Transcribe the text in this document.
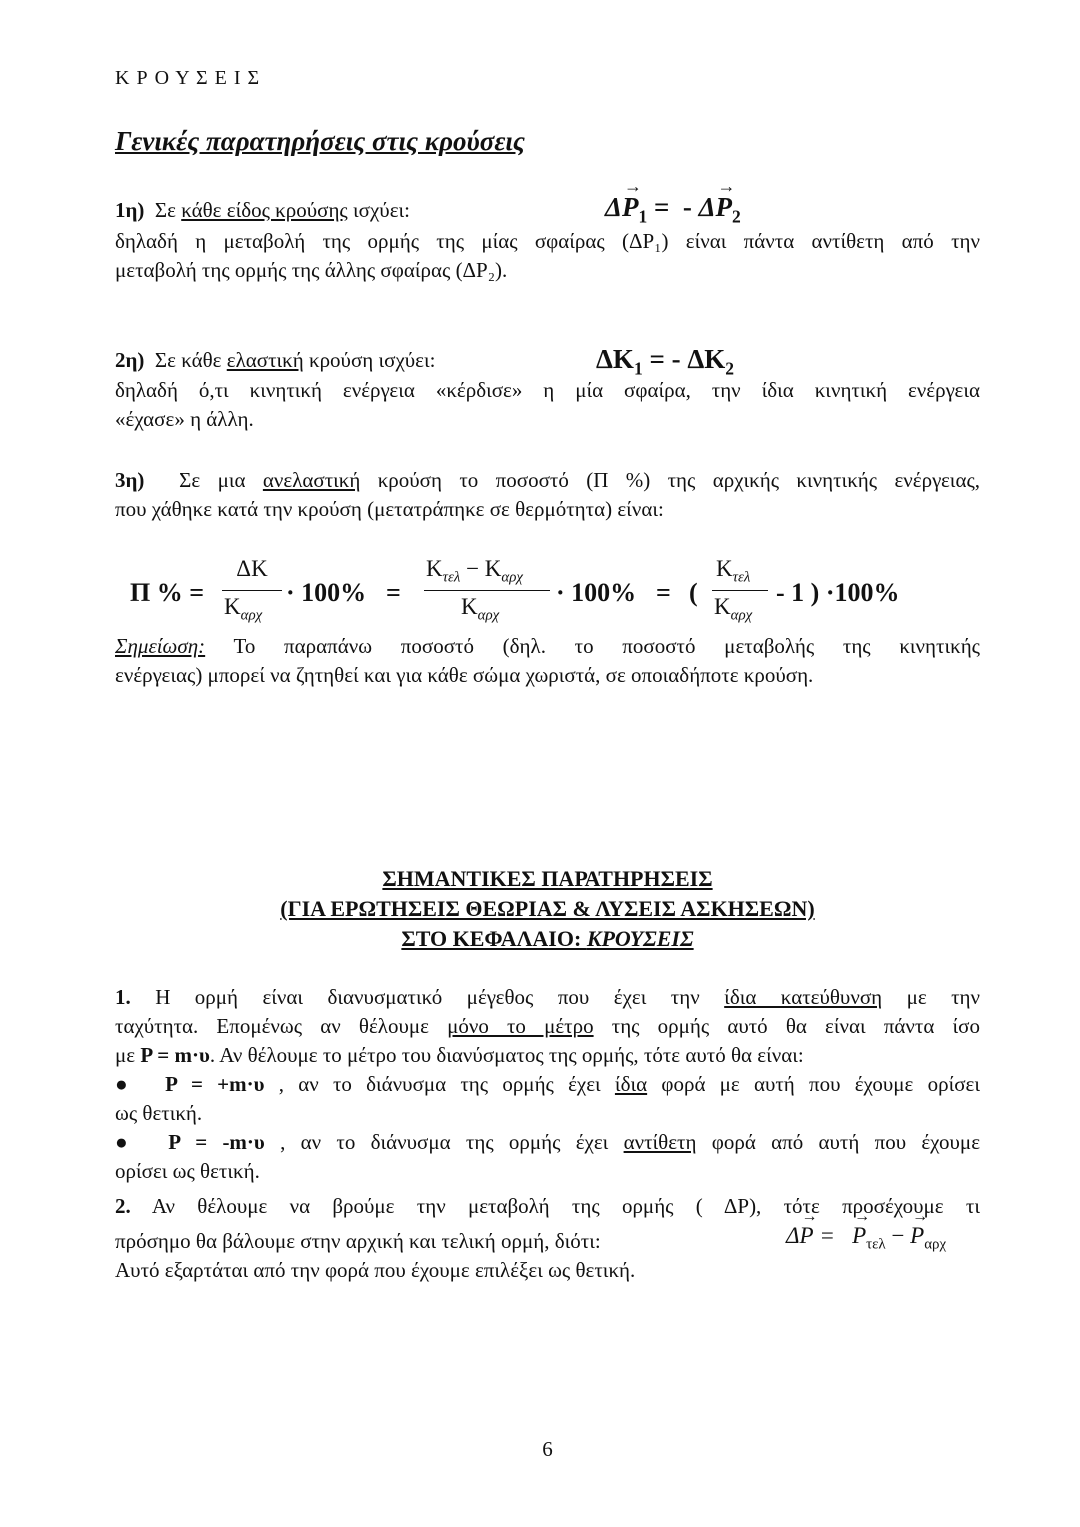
Κ Ρ Ο Υ Σ Ε Ι Σ
Γενικές παρατηρήσεις στις κρούσεις
1η) Σε κάθε είδος κρούσης ισχύει:	$\Delta\to P_1$ =  - $\Delta\to P_2$
δηλαδή η μεταβολή της ορμής της μίας σφαίρας (ΔP₁) είναι πάντα αντίθετη από την
μεταβολή της ορμής της άλλης σφαίρας (ΔP₂).
2η) Σε κάθε ελαστική κρούση ισχύει:	$\Delta K_1$ = - $\Delta K_2$
δηλαδή ό,τι κινητική ενέργεια «κέρδισε» η μία σφαίρα, την ίδια κινητική ενέργεια
«έχασε» η άλλη.
3η) Σε μια ανελαστική κρούση το ποσοστό (Π %) της αρχικής κινητικής ενέργειας,
που χάθηκε κατά την κρούση (μετατράπηκε σε θερμότητα) είναι:
Π % =
ΔΚ
$K_{\alpha\rho\chi}$
· 100% =
$K_{\tau\varepsilon\lambda} - K_{\alpha\rho\chi}$
$K_{\alpha\rho\chi}$
· 100% = (
$K_{\tau\varepsilon\lambda}$
$K_{\alpha\rho\chi}$
- 1 ) ·100%
Σημείωση: Το παραπάνω ποσοστό (δηλ. το ποσοστό μεταβολής της κινητικής
ενέργειας) μπορεί να ζητηθεί και για κάθε σώμα χωριστά, σε οποιαδήποτε κρούση.
ΣΗΜΑΝΤΙΚΕΣ ΠΑΡΑΤΗΡΗΣΕΙΣ
(ΓΙΑ ΕΡΩΤΗΣΕΙΣ ΘΕΩΡΙΑΣ & ΛΥΣΕΙΣ ΑΣΚΗΣΕΩΝ)
ΣΤΟ ΚΕΦΑΛΑΙΟ: ΚΡΟΥΣΕΙΣ
1. Η ορμή είναι διανυσματικό μέγεθος που έχει την ίδια κατεύθυνση με την
ταχύτητα. Επομένως αν θέλουμε μόνο το μέτρο της ορμής αυτό θα είναι πάντα ίσο
με P = m·υ. Αν θέλουμε το μέτρο του διανύσματος της ορμής, τότε αυτό θα είναι:
● P = +m·υ , αν το διάνυσμα της ορμής έχει ίδια φορά με αυτή που έχουμε ορίσει
ως θετική.
● P = -m·υ , αν το διάνυσμα της ορμής έχει αντίθετη φορά από αυτή που έχουμε
ορίσει ως θετική.
2. Αν θέλουμε να βρούμε την μεταβολή της ορμής ( ΔP), τότε προσέχουμε τι
πρόσημο θα βάλουμε στην αρχική και τελική ορμή, διότι:	Δ→ P = → $P_{\tau\varepsilon\lambda}$ − → $P_{\alpha\rho\chi}$
Αυτό εξαρτάται από την φορά που έχουμε επιλέξει ως θετική.
6
